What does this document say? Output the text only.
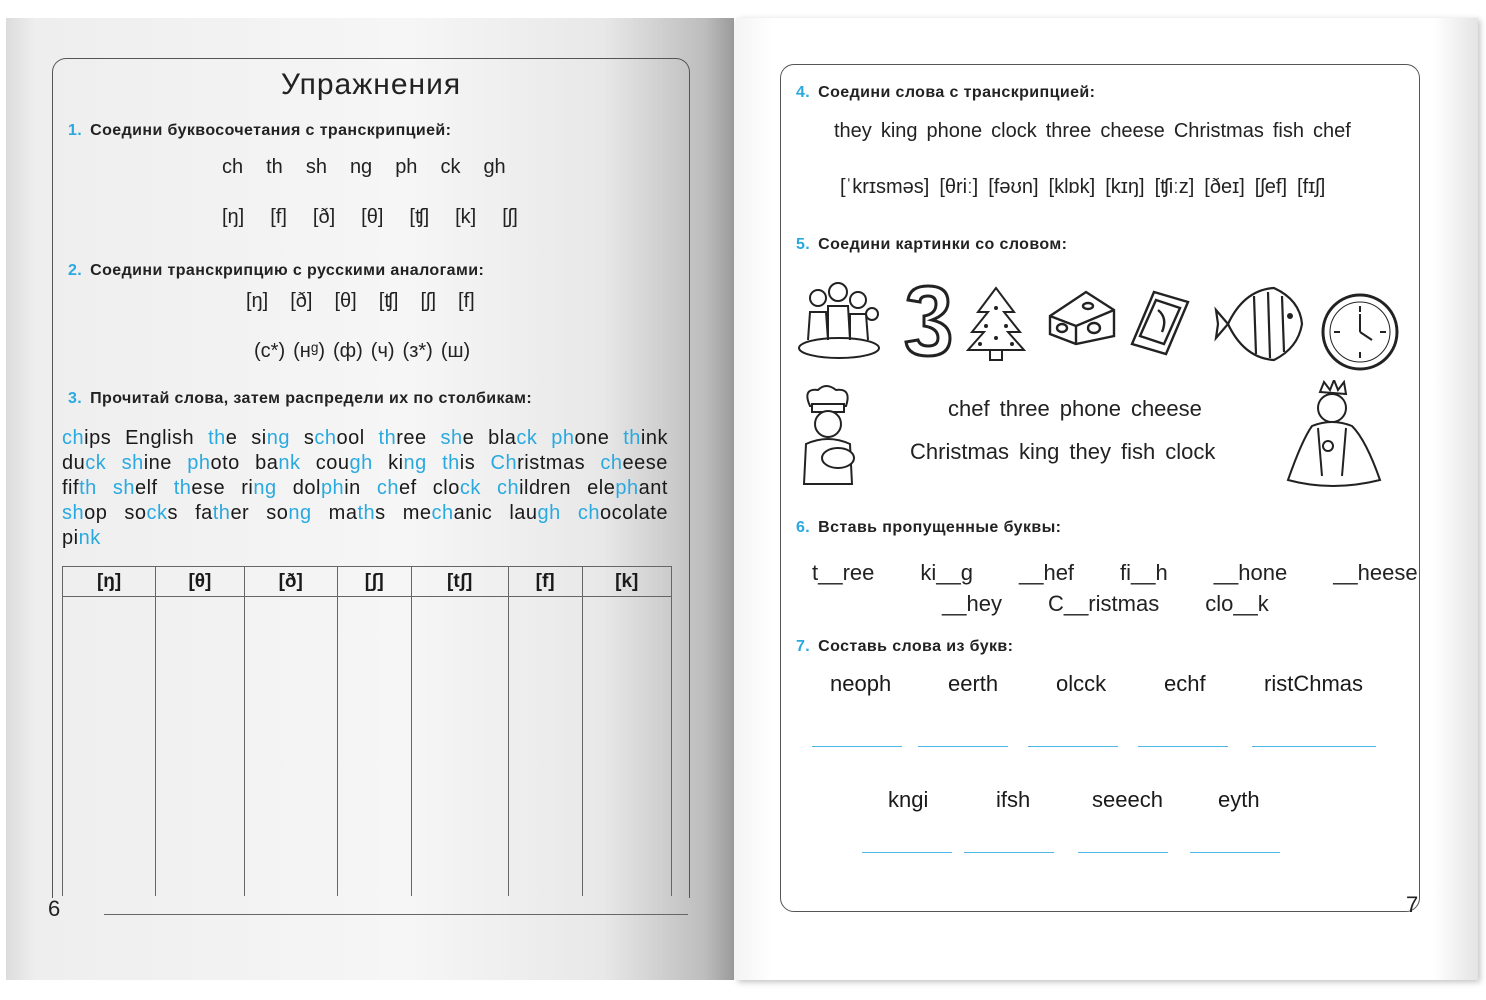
Упражнения
1. Соедини буквосочетания с транскрипцией:
ch th sh ng ph ck gh
[ŋ] [f] [ð] [θ] [ʧ] [k] [ʃ]
2. Соедини транскрипцию с русскими аналогами:
[ŋ] [ð] [θ] [ʧ] [ʃ] [f]
(с*) (нᵍ) (ф) (ч) (з*) (ш)
3. Прочитай слова, затем распредели их по столбикам:
chips English the sing school three she black phone think
duck shine photo bank cough king this Christmas cheese
fifth shelf these ring dolphin chef clock children elephant
shop socks father song maths mechanic laugh chocolate
pink
[ŋ]	[θ]	[ð]	[ʃ]	[tʃ]	[f]	[k]

6
4. Соедини слова с транскрипцией:
they king phone clock three cheese Christmas fish chef
[ˈkrɪsməs] [θriː] [fəʊn] [klɒk] [kɪŋ] [ʧiːz] [ðeɪ] [ʃef] [fɪʃ]
5. Соедини картинки со словом:
chef three phone cheese
Christmas king they fish clock
6. Вставь пропущенные буквы:
t__ree ki__g __hef fi__h __hone __heese
__hey C__ristmas clo__k
7. Составь слова из букв:
neoph	eerth	olcck	echf	ristChmas
kngi	ifsh	seeech	eyth
7
